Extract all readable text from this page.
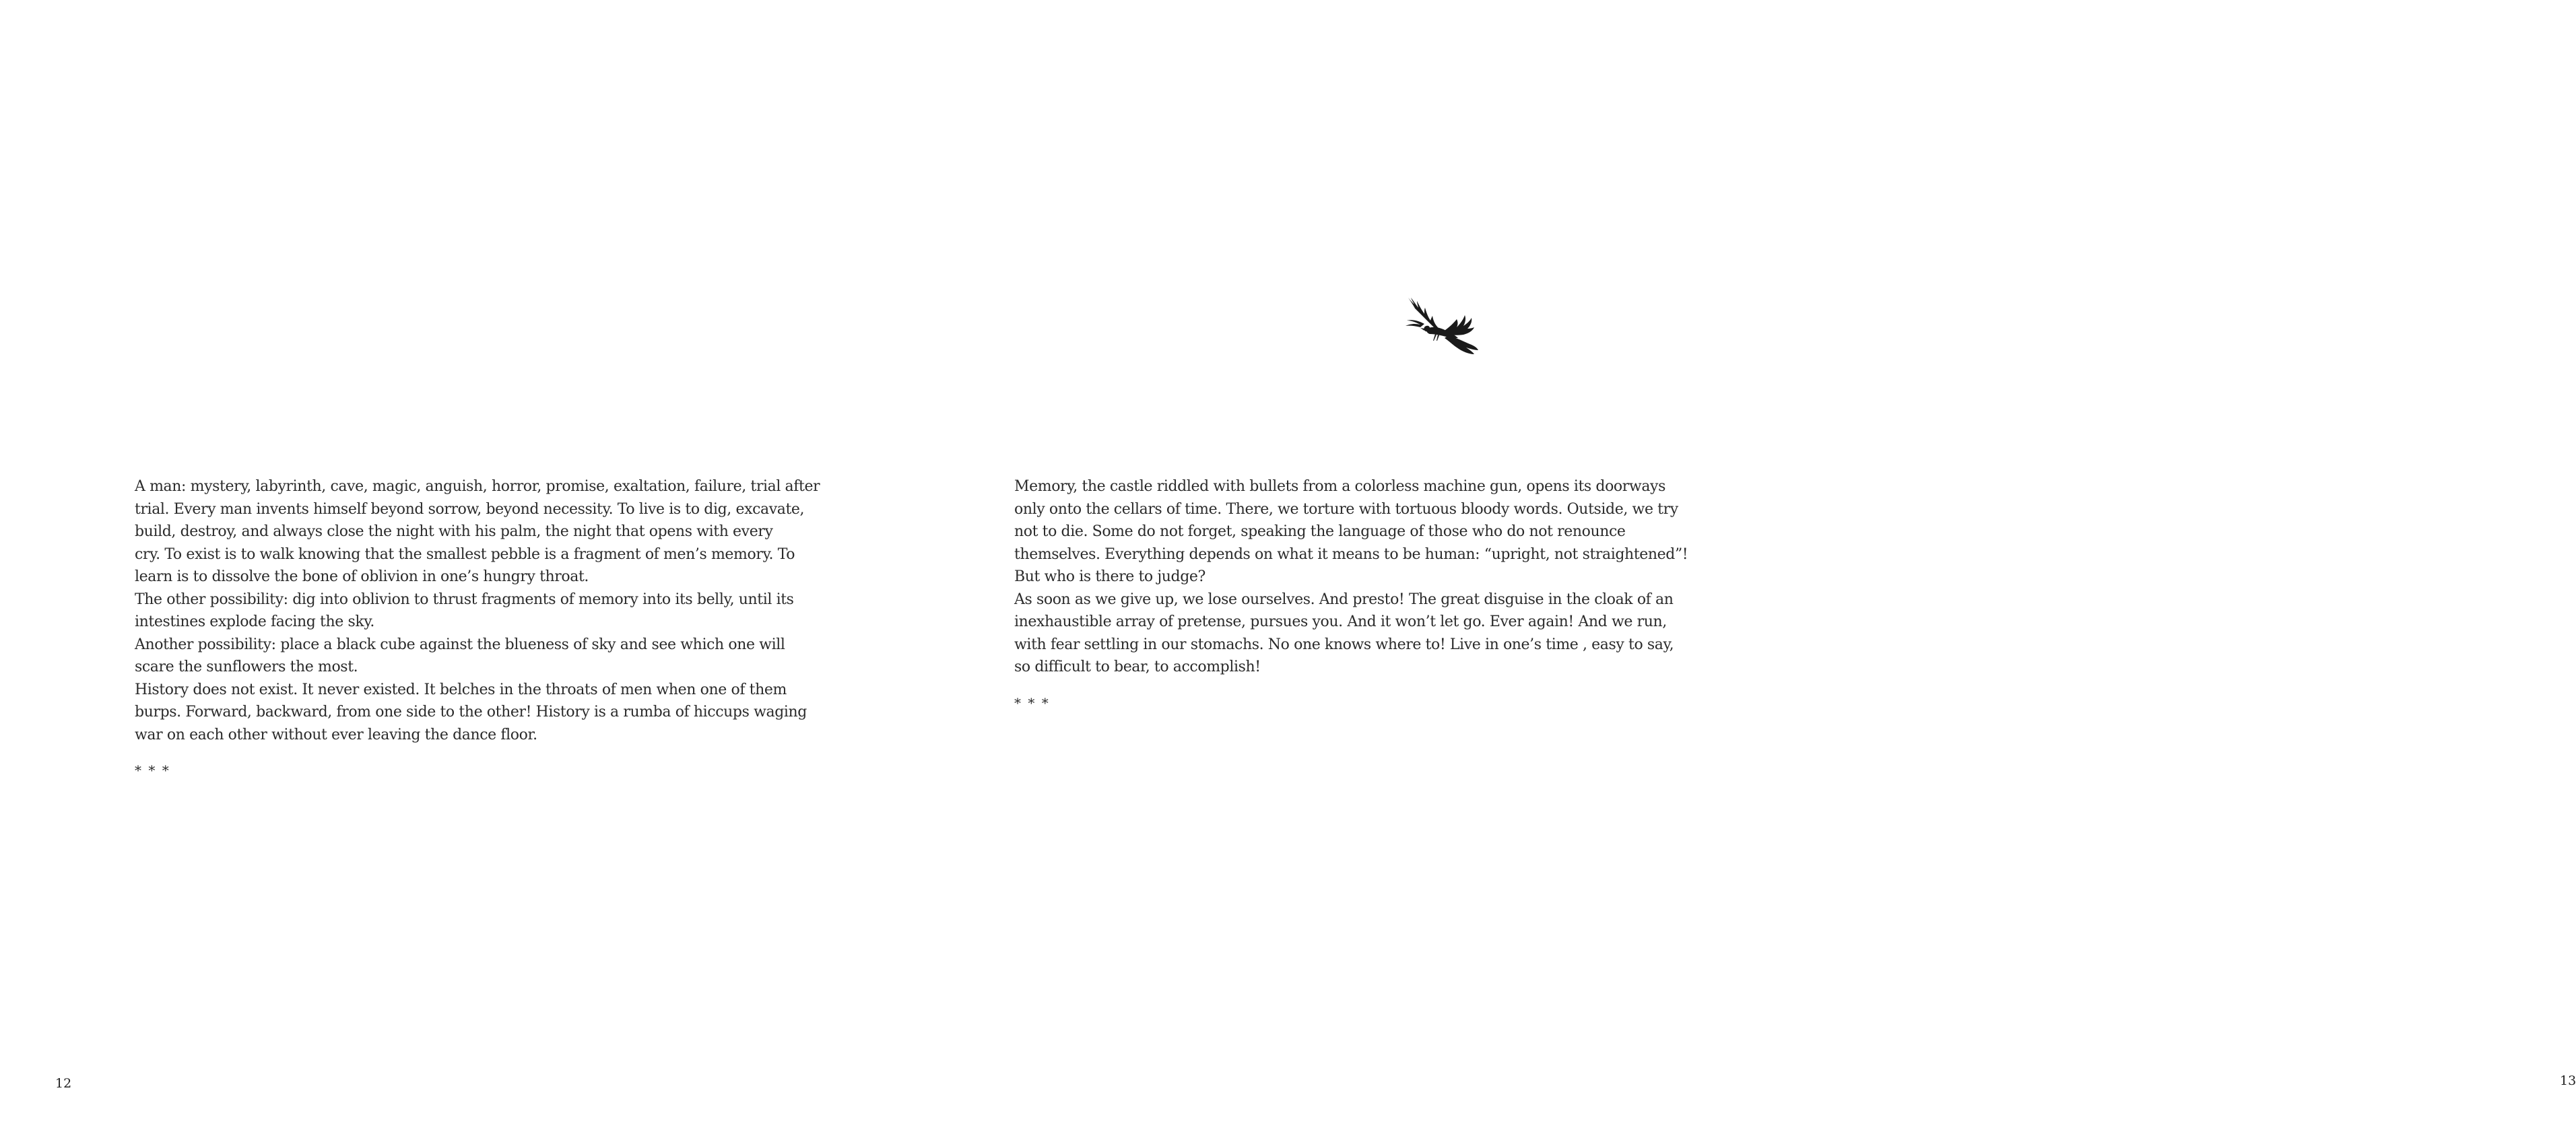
A man: mystery, labyrinth, cave, magic, anguish, horror, promise, exaltation, failure, trial after
trial. Every man invents himself beyond sorrow, beyond necessity. To live is to dig, excavate,
build, destroy, and always close the night with his palm, the night that opens with every
cry. To exist is to walk knowing that the smallest pebble is a fragment of men’s memory. To
learn is to dissolve the bone of oblivion in one’s hungry throat.
The other possibility: dig into oblivion to thrust fragments of memory into its belly, until its
intestines explode facing the sky.
Another possibility: place a black cube against the blueness of sky and see which one will
scare the sunflowers the most.
History does not exist. It never existed. It belches in the throats of men when one of them
burps. Forward, backward, from one side to the other! History is a rumba of hiccups waging
war on each other without ever leaving the dance floor.
* * *
12
Memory, the castle riddled with bullets from a colorless machine gun, opens its doorways
only onto the cellars of time. There, we torture with tortuous bloody words. Outside, we try
not to die. Some do not forget, speaking the language of those who do not renounce
themselves. Everything depends on what it means to be human: “upright, not straightened”!
But who is there to judge?
As soon as we give up, we lose ourselves. And presto! The great disguise in the cloak of an
inexhaustible array of pretense, pursues you. And it won’t let go. Ever again! And we run,
with fear settling in our stomachs. No one knows where to! Live in one’s time , easy to say,
so difficult to bear, to accomplish!
* * *
13
